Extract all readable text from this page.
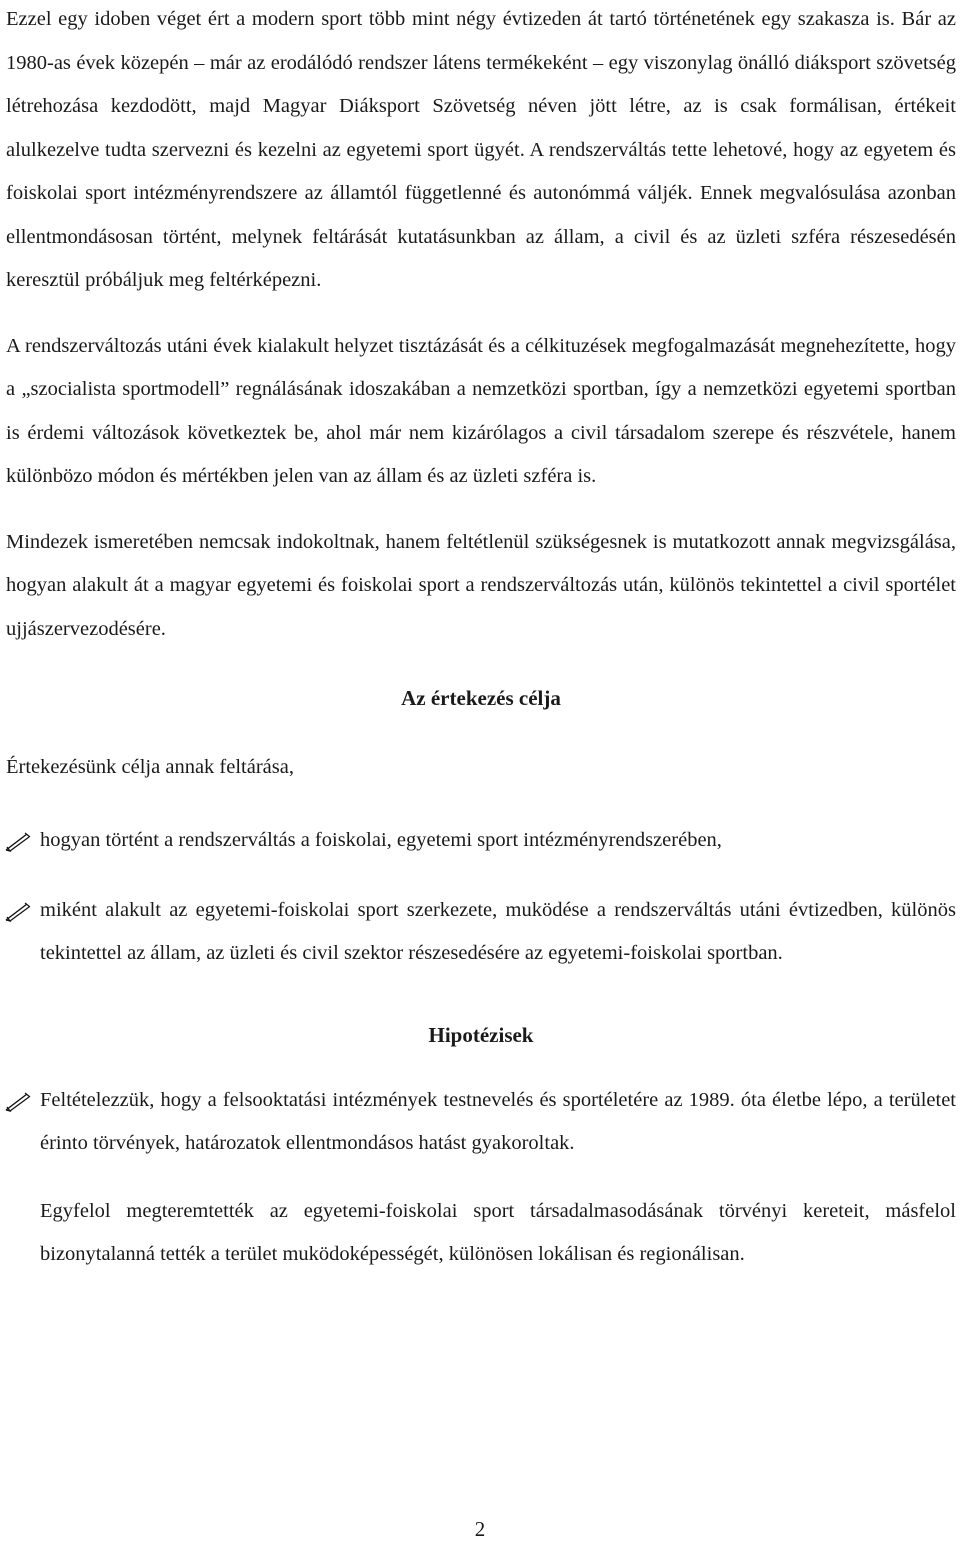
Ezzel egy idoben véget ért a modern sport több mint négy évtizeden át tartó történetének egy szakasza is. Bár az 1980-as évek közepén – már az erodálódó rendszer látens termékeként – egy viszonylag önálló diáksport szövetség létrehozása kezdodött, majd Magyar Diáksport Szövetség néven jött létre, az is csak formálisan, értékeit alulkezelve tudta szervezni és kezelni az egyetemi sport ügyét. A rendszerváltás tette lehetové, hogy az egyetem és foiskolai sport intézményrendszere az államtól függetlenné és autonómmá váljék. Ennek megvalósulása azonban ellentmondásosan történt, melynek feltárását kutatásunkban az állam, a civil és az üzleti szféra részesedésén keresztül próbáljuk meg feltérképezni.

A rendszerváltozás utáni évek kialakult helyzet tisztázását és a célkituzések megfogalmazását megnehezítette, hogy a „szocialista sportmodell” regnálásának idoszakában a nemzetközi sportban, így a nemzetközi egyetemi sportban is érdemi változások következtek be, ahol már nem kizárólagos a civil társadalom szerepe és részvétele, hanem különbözo módon és mértékben jelen van az állam és az üzleti szféra is.

Mindezek ismeretében nemcsak indokoltnak, hanem feltétlenül szükségesnek is mutatkozott annak megvizsgálása, hogyan alakult át a magyar egyetemi és foiskolai sport a rendszerváltozás után, különös tekintettel a civil sportélet ujjászervezodésére.

Az értekezés célja

Értekezésünk célja annak feltárása,

hogyan történt a rendszerváltás a foiskolai, egyetemi sport intézményrendszerében,
miként alakult az egyetemi-foiskolai sport szerkezete, muködése a rendszerváltás utáni évtizedben, különös tekintettel az állam, az üzleti és civil szektor részesedésére az egyetemi-foiskolai sportban.
Hipotézisek
Feltételezzük, hogy a felsooktatási intézmények testnevelés és sportéletére az 1989. óta életbe lépo, a területet érinto törvények, határozatok ellentmondásos hatást gyakoroltak.

Egyfelol megteremtették az egyetemi-foiskolai sport társadalmasodásának törvényi kereteit, másfelol bizonytalanná tették a terület muködoképességét, különösen lokálisan és regionálisan.

2
